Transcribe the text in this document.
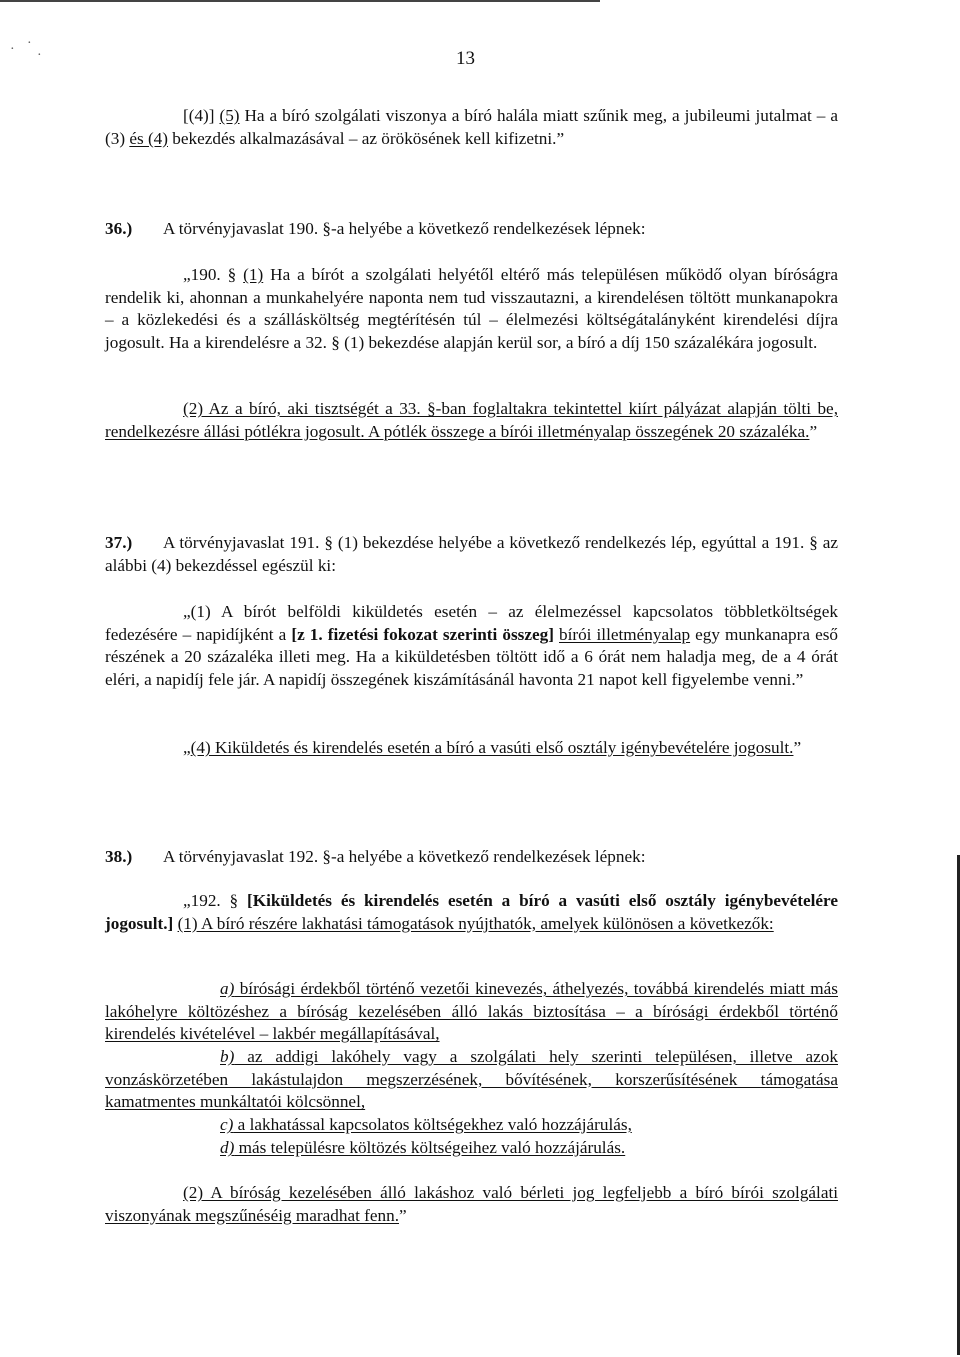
· ·
·	13
[(4)] (5) Ha a bíró szolgálati viszonya a bíró halála miatt szűnik meg, a jubileumi jutalmat – a (3) és (4) bekezdés alkalmazásával – az örökösének kell kifizetni.”
36.) A törvényjavaslat 190. §-a helyébe a következő rendelkezések lépnek:
„190. § (1) Ha a bírót a szolgálati helyétől eltérő más településen működő olyan bíróságra rendelik ki, ahonnan a munkahelyére naponta nem tud visszautazni, a kirendelésen töltött munkanapokra – a közlekedési és a szállásköltség megtérítésén túl – élelmezési költségátalányként kirendelési díjra jogosult. Ha a kirendelésre a 32. § (1) bekezdése alapján kerül sor, a bíró a díj 150 százalékára jogosult.
(2) Az a bíró, aki tisztségét a 33. §-ban foglaltakra tekintettel kiírt pályázat alapján tölti be, rendelkezésre állási pótlékra jogosult. A pótlék összege a bírói illetményalap összegének 20 százaléka.”
37.) A törvényjavaslat 191. § (1) bekezdése helyébe a következő rendelkezés lép, egyúttal a 191. § az alábbi (4) bekezdéssel egészül ki:
„(1) A bírót belföldi kiküldetés esetén – az élelmezéssel kapcsolatos többletköltségek fedezésére – napidíjként a [z 1. fizetési fokozat szerinti összeg] bírói illetményalap egy munkanapra eső részének a 20 százaléka illeti meg. Ha a kiküldetésben töltött idő a 6 órát nem haladja meg, de a 4 órát eléri, a napidíj fele jár. A napidíj összegének kiszámításánál havonta 21 napot kell figyelembe venni.”
„(4) Kiküldetés és kirendelés esetén a bíró a vasúti első osztály igénybevételére jogosult.”
38.) A törvényjavaslat 192. §-a helyébe a következő rendelkezések lépnek:
„192. § [Kiküldetés és kirendelés esetén a bíró a vasúti első osztály igénybevételére jogosult.] (1) A bíró részére lakhatási támogatások nyújthatók, amelyek különösen a következők:
a) bírósági érdekből történő vezetői kinevezés, áthelyezés, továbbá kirendelés miatt más lakóhelyre költözéshez a bíróság kezelésében álló lakás biztosítása – a bírósági érdekből történő kirendelés kivételével – lakbér megállapításával,
b) az addigi lakóhely vagy a szolgálati hely szerinti településen, illetve azok vonzáskörzetében lakástulajdon megszerzésének, bővítésének, korszerűsítésének támogatása kamatmentes munkáltatói kölcsönnel,
c) a lakhatással kapcsolatos költségekhez való hozzájárulás,
d) más településre költözés költségeihez való hozzájárulás.
(2) A bíróság kezelésében álló lakáshoz való bérleti jog legfeljebb a bíró bírói szolgálati viszonyának megszűnéséig maradhat fenn.”
